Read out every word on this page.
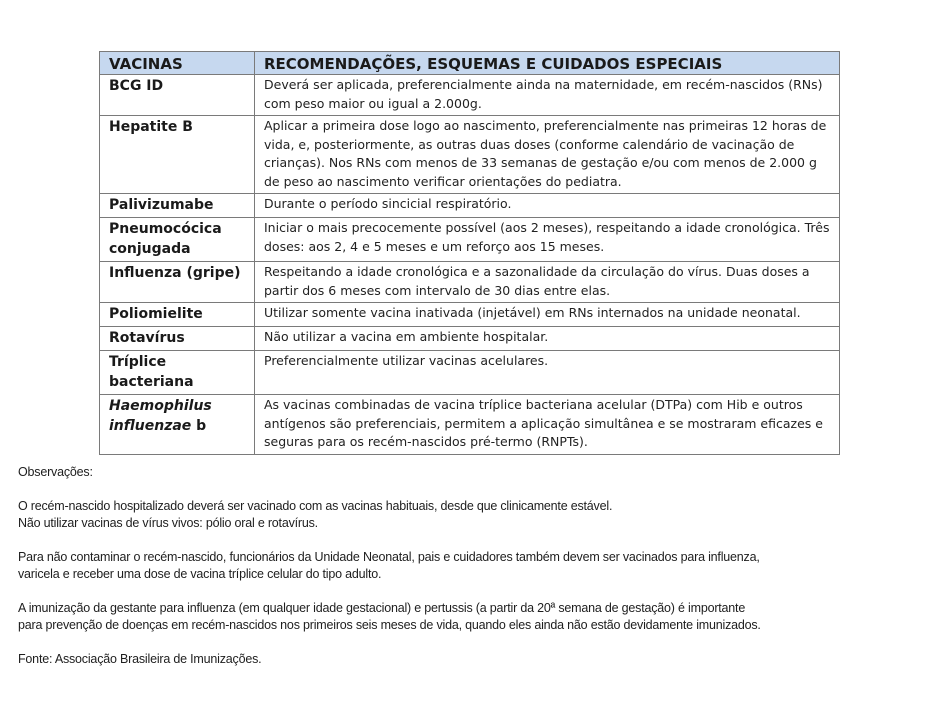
VACINAS	RECOMENDAÇÕES, ESQUEMAS E CUIDADOS ESPECIAIS
BCG ID	Deverá ser aplicada, preferencialmente ainda na maternidade, em recém-nascidos (RNs) com peso maior ou igual a 2.000g.
Hepatite B	Aplicar a primeira dose logo ao nascimento, preferencialmente nas primeiras 12 horas de vida, e, posteriormente, as outras duas doses (conforme calendário de vacinação de crianças). Nos RNs com menos de 33 semanas de gestação e/ou com menos de 2.000 g de peso ao nascimento verificar orientações do pediatra.
Palivizumabe	Durante o período sincicial respiratório.
Pneumocócica conjugada	Iniciar o mais precocemente possível (aos 2 meses), respeitando a idade cronológica. Três doses: aos 2, 4 e 5 meses e um reforço aos 15 meses.
Influenza (gripe)	Respeitando a idade cronológica e a sazonalidade da circulação do vírus. Duas doses a partir dos 6 meses com intervalo de 30 dias entre elas.
Poliomielite	Utilizar somente vacina inativada (injetável) em RNs internados na unidade neonatal.
Rotavírus	Não utilizar a vacina em ambiente hospitalar.
Tríplice bacteriana	Preferencialmente utilizar vacinas acelulares.
Haemophilus influenzae b	As vacinas combinadas de vacina tríplice bacteriana acelular (DTPa) com Hib e outros antígenos são preferenciais, permitem a aplicação simultânea e se mostraram eficazes e seguras para os recém-nascidos pré-termo (RNPTs).

Observações:

O recém-nascido hospitalizado deverá ser vacinado com as vacinas habituais, desde que clinicamente estável.

Não utilizar vacinas de vírus vivos: pólio oral e rotavírus.

Para não contaminar o recém-nascido, funcionários da Unidade Neonatal, pais e cuidadores também devem ser vacinados para influenza,

varicela e receber uma dose de vacina tríplice celular do tipo adulto.

A imunização da gestante para influenza (em qualquer idade gestacional) e pertussis (a partir da 20ª semana de gestação) é importante

para prevenção de doenças em recém-nascidos nos primeiros seis meses de vida, quando eles ainda não estão devidamente imunizados.

Fonte: Associação Brasileira de Imunizações.
